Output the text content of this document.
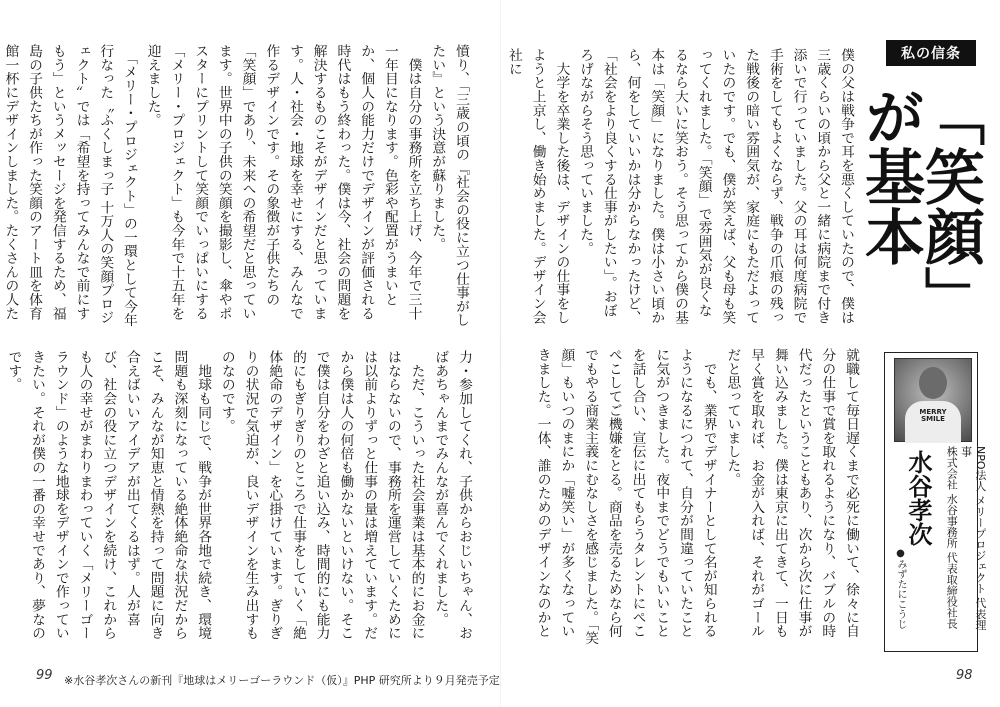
私の信条
「笑顔」が基本
僕の父は戦争で耳を悪くしていたので、僕は三歳くらいの頃から父と一緒に病院まで付き添いで行っていました。父の耳は何度病院で手術をしてもよくならず、戦争の爪痕の残った戦後の暗い雰囲気が、家庭にもただよっていたのです。でも、僕が笑えば、父も母も笑ってくれました。「笑顔」で雰囲気が良くなるなら大いに笑おう。そう思ってから僕の基本は「笑顔」になりました。僕は小さい頃から、何をしていいかは分からなかったけど、「社会をより良くする仕事がしたい」。おぼろげながらそう思っていました。
　大学を卒業した後は、デザインの仕事をしようと上京し、働き始めました。デザイン会社に
就職して毎日遅くまで必死に働いて、徐々に自分の仕事で賞を取れるようになり、バブルの時代だったということもあり、次から次に仕事が舞い込みました。僕は東京に出てきて、一日も早く賞を取れば、お金が入れば、それがゴールだと思っていました。
　でも、業界でデザイナーとして名が知られるようになるにつれて、自分が間違っていたことに気がつきました。夜中までどうでもいいことを話し合い、宣伝に出てもらうタレントにぺこぺこしてご機嫌をとる。商品を売るためなら何でもやる商業主義にむなしさを感じました。「笑顔」もいつのまにか「嘘笑い」が多くなっていきました。一体、誰のためのデザインなのかと	MERRY SMILE
NPO法人 メリープロジェクト 代表理事
株式会社 水谷事務所 代表取締役社長
水谷孝次
●みずたにこうじ
憤り、「三歳の頃の『社会の役に立つ仕事がしたい』という決意が蘇りました。
　僕は自分の事務所を立ち上げ、今年で三十一年目になります。色彩や配置がうまいとか、個人の能力だけでデザインが評価される時代はもう終わった。僕は今、社会の問題を解決するものこそがデザインだと思っています。人・社会・地球を幸せにする、みんなで作るデザインです。その象徴が子供たちの「笑顔」であり、未来への希望だと思っています。世界中の子供の笑顔を撮影し、傘やポスターにプリントして笑顔でいっぱいにする「メリー・プロジェクト」も今年で十五年を迎えました。
　「メリー・プロジェクト」の一環として今年行なった〝ふくしまっ子 十万人の笑顔プロジェクト〟では「希望を持ってみんなで前にすもう」というメッセージを発信するため、福島の子供たちが作った笑顔のアート皿を体育館一杯にデザインしました。たくさんの人た
力・参加してくれ、子供からおじいちゃん、おばあちゃんまでみんなが喜んでくれました。
　ただ、こういった社会事業は基本的にお金にはならないので、事務所を運営していくためには以前よりずっと仕事の量は増えています。だから僕は人の何倍も働かないといけない。そこで僕は自分をわざと追い込み、時間的にも能力的にもぎりぎりのところで仕事をしていく「絶体絶命のデザイン」を心掛けています。ぎりぎりの状況で気迫が、良いデザインを生み出すものなのです。
　地球も同じで、戦争が世界各地で続き、環境問題も深刻になっている絶体絶命な状況だからこそ、みんなが知恵と情熱を持って問題に向き合えばいいアイデアが出てくるはず。人が喜び、社会の役に立つデザインを続け、これからも人の幸せがまわりまわっていく「メリーゴーラウンド」のような地球をデザインで作っていきたい。それが僕の一番の幸せであり、夢なのです。
99 ※水谷孝次さんの新刊『地球はメリーゴーラウンド（仮）』PHP 研究所より９月発売予定	98
